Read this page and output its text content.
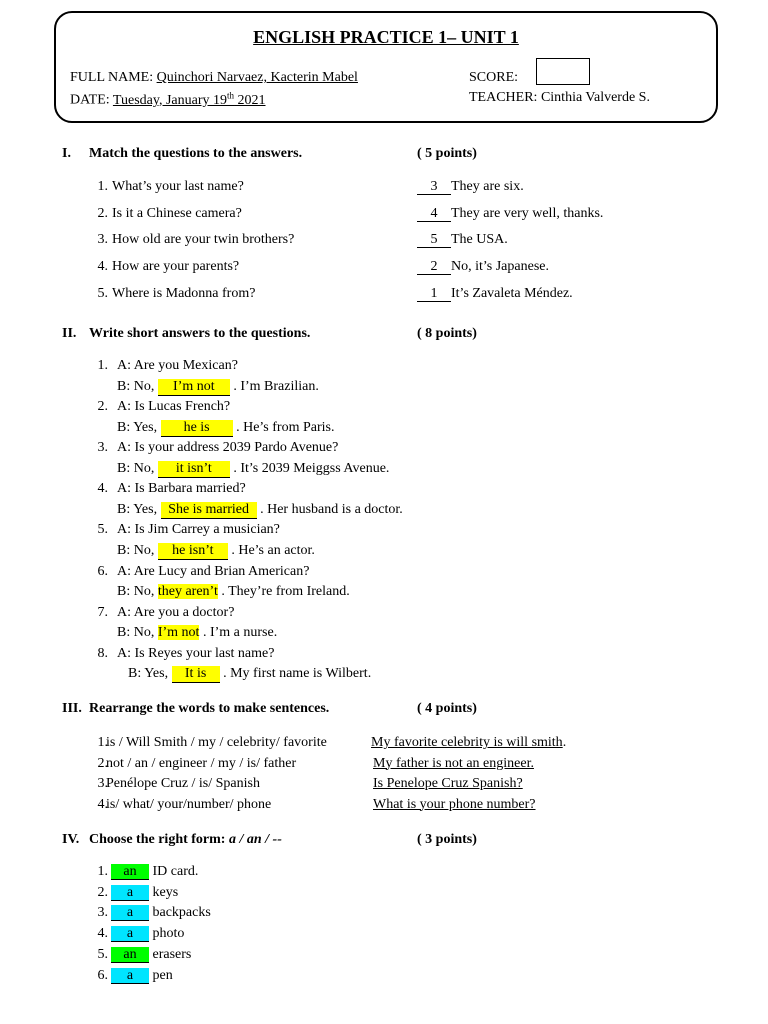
ENGLISH PRACTICE 1– UNIT 1
FULL NAME: Quinchori Narvaez, Kacterin Mabel
DATE: Tuesday, January 19th 2021
SCORE:
TEACHER: Cinthia Valverde S.
I. Match the questions to the answers.	( 5 points)
1. What’s your last name?	3 They are six.
2. Is it a Chinese camera?	4 They are very well, thanks.
3. How old are your twin brothers?	5 The USA.
4. How are your parents?	2 No, it’s Japanese.
5. Where is Madonna from?	1 It’s Zavaleta Méndez.
II. Write short answers to the questions.	( 8 points)
1. A: Are you Mexican?
B: No, I’m not . I’m Brazilian.
2. A: Is Lucas French?
B: Yes, he is . He’s from Paris.
3. A: Is your address 2039 Pardo Avenue?
B: No, it isn’t . It’s 2039 Meiggss Avenue.
4. A: Is Barbara married?
B: Yes, She is married . Her husband is a doctor.
5. A: Is Jim Carrey a musician?
B: No, he isn’t . He’s an actor.
6. A: Are Lucy and Brian American?
B: No, they aren’t . They’re from Ireland.
7. A: Are you a doctor?
B: No, I’m not . I’m a nurse.
8. A: Is Reyes your last name?
B: Yes, It is . My first name is Wilbert.
III. Rearrange the words to make sentences.	( 4 points)
1.
is / Will Smith / my / celebrity/ favorite	My favorite celebrity is will smith.
2.
not / an / engineer / my / is/ father	My father is not an engineer.
3.
Penélope Cruz / is/ Spanish	Is Penelope Cruz Spanish?
4.
is/ what/ your/number/ phone	What is your phone number?
IV. Choose the right form: a / an / --	( 3 points)
1.	an ID card.
2.	a keys
3.	a backpacks
4.	a photo
5.	an erasers
6.	a pen
